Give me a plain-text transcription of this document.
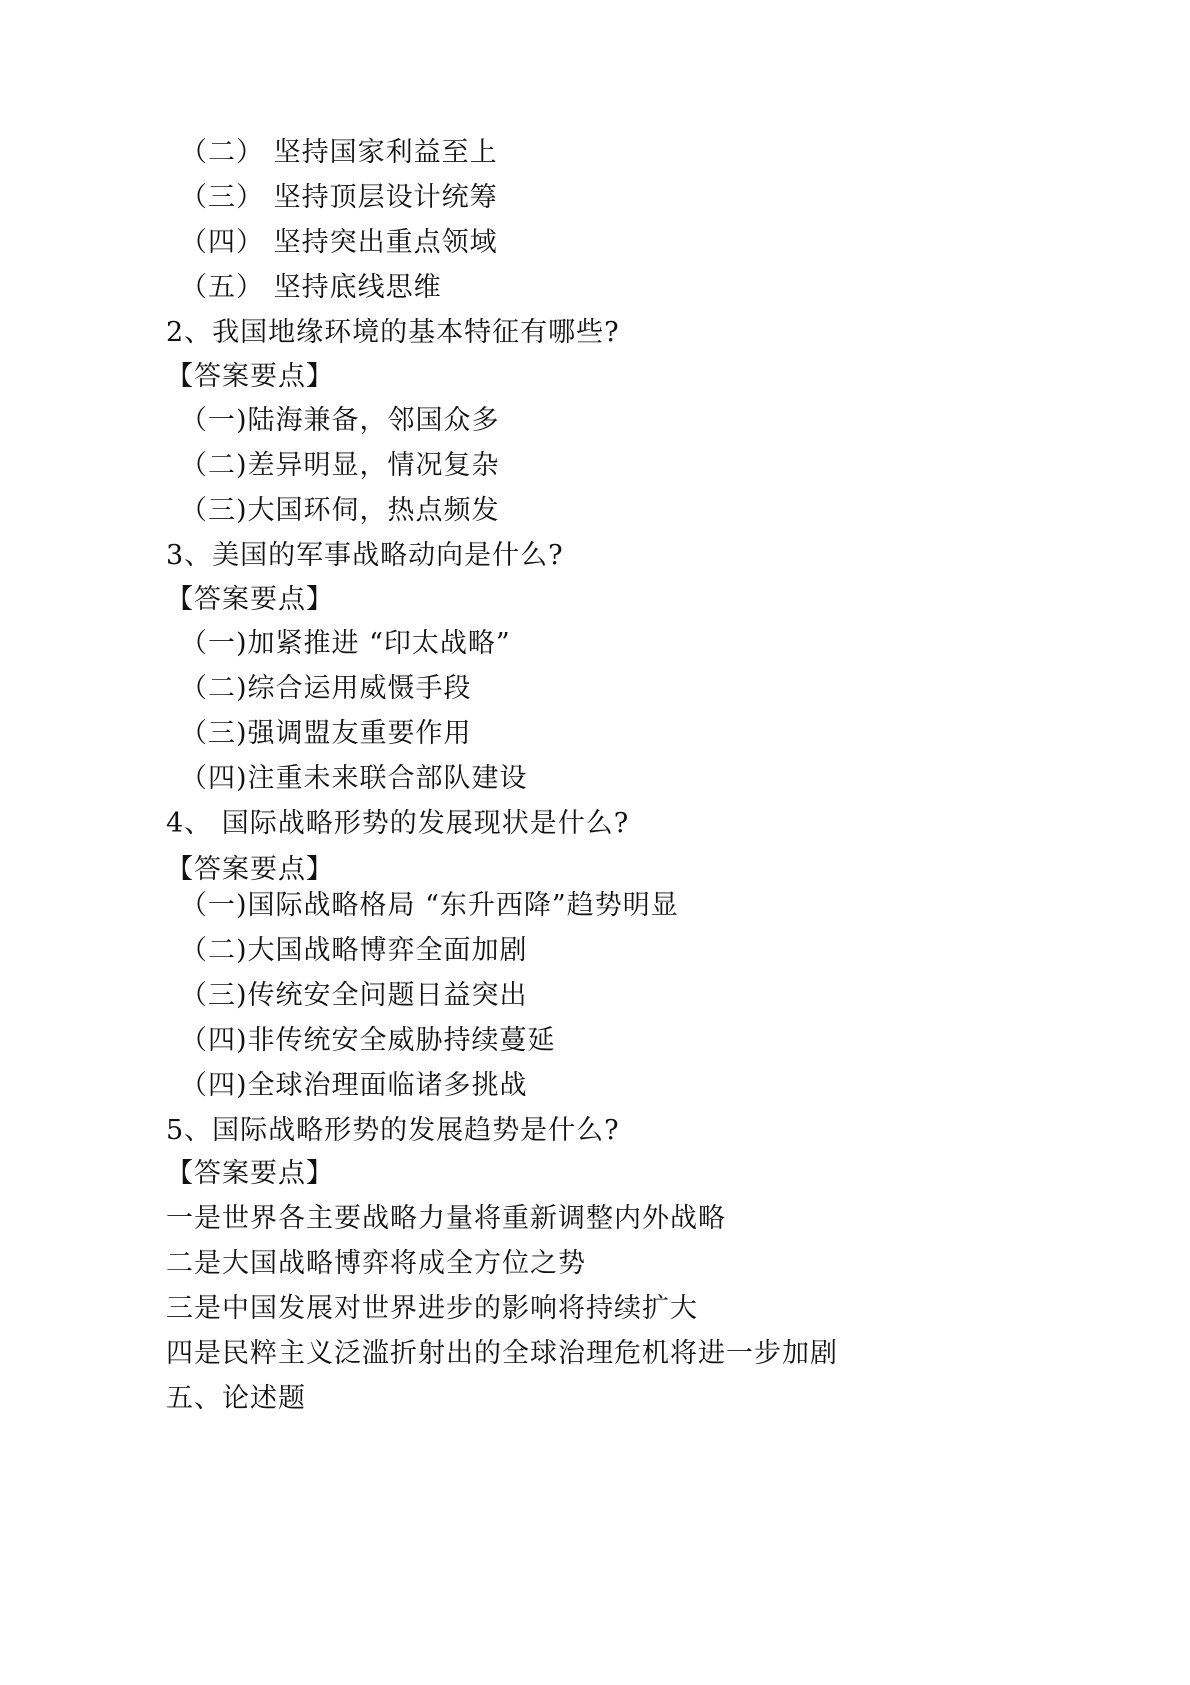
（二） 坚持国家利益至上
（三） 坚持顶层设计统筹
（四） 坚持突出重点领域
（五） 坚持底线思维
2、我国地缘环境的基本特征有哪些?
【答案要点】
（一)陆海兼备，邻国众多
（二)差异明显，情况复杂
（三)大国环伺，热点频发
3、美国的军事战略动向是什么?
【答案要点】
（一)加紧推进 “印太战略”
（二)综合运用威慑手段
（三)强调盟友重要作用
（四)注重未来联合部队建设
4、 国际战略形势的发展现状是什么?
【答案要点】
（一)国际战略格局 “东升西降”趋势明显
（二)大国战略博弈全面加剧
（三)传统安全问题日益突出
（四)非传统安全威胁持续蔓延
（四)全球治理面临诸多挑战
5、国际战略形势的发展趋势是什么?
【答案要点】
一是世界各主要战略力量将重新调整内外战略
二是大国战略博弈将成全方位之势
三是中国发展对世界进步的影响将持续扩大
四是民粹主义泛滥折射出的全球治理危机将进一步加剧
五、论述题
